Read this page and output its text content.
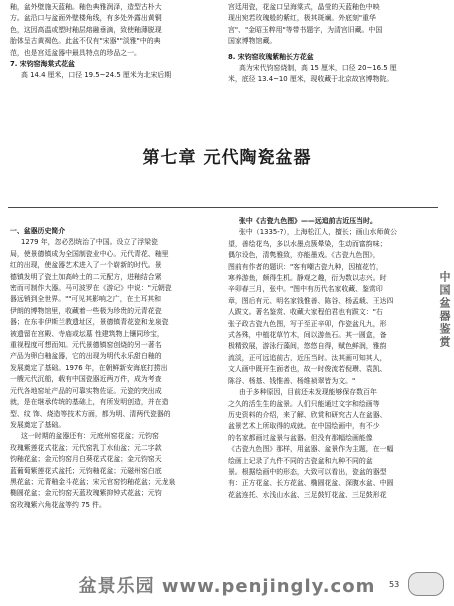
釉，盆外壁施天蓝釉。釉色典雅润泽，造型古朴大

方。盆沿口与盆面外壁楼角线，有多处外露出黄铜

色，这因高温或塑时釉层熔融垂滴，致使釉薄脱现

胎体呈古黄褐色。此盆不仅有"宋器""淡雅"中的典

范，也是宫廷盆器中最具特点的珍品之一。

7. 宋钧窑海棠式花盆

高 14.4 厘米，口径 19.5~24.5 厘米为北宋后期

宫廷用瓷，花盆口呈海棠式，晶莹的天蓝釉色中映

现出宛若玫瑰般的紫红，极其斑斓。外底刻"重华

宫"、"金昭玉粹用"等带书题字，为清宫旧藏。中国

国家博物馆藏。

8. 宋钧窑玫瑰紫釉长方花盆

高为宋代钧窑烧制，高 15 厘米，口径 20~16.5 厘

米，底径 13.4~10 厘米，现收藏于北京故宫博物院。

第七章 元代陶瓷盆器

一、盆器历史简介

1279 年，忽必烈统治了中国。设立了浮梁瓷

局，使景德镇成为全国制瓷业中心。元代青花、釉里

红的出现，使盆器艺术进入了一个崭新的时代。景

德镇发明了瓷土加高岭土的二元配方，进釉结合紧

密而可制作大器。马可波罗在《游记》中说："元朝瓷

器远销到全世界。""可见其影响之广，在土耳其和

伊朗的博物馆里，收藏着一些极为珍贵的元青花瓷

器；在东非伊斯兰教遗址区，景德镇青花瓷和龙泉瓷

被遗留在宫殿、寺庙或坛墓 性建筑物上镶同珍宝，

重视程度可想而知。元代景德镇窑创烧的另一著名

产品为卵白釉盆器，它的出现为明代永乐甜白釉的

发展奠定了基础。1976 年，在朝鲜新安海底打捞出

一艘元代沉船，载有中国瓷器近两万件，成为考查

元代各地窑址产品的可靠实物佐证。元瓷的突出成

就，是在继承传统的基础上，有所发明创造，并在造

型、纹 饰、烧造等技术方面，都为明、清两代瓷器的

发展奠定了基础。

这一时期的盆器还有：元庭州窑花盆；元钧窑

玫瑰紫莲花式花盆；元代窑乳丁水仙盆；元二字款

钧釉花盆；金元钧窑月白葵花式花盆；金元钧窑天

蓝葡萄紫莲花式盆托；元钧釉花盆；元磁州窑白底

黑花盆；元青釉金斗花盆；宋元官窑钧釉花盆；元龙泉

椭圆花盆；金元钧窑天蓝玫瑰紫抑钟式花盆；元钧

窑玫瑰紫六角花盆等约 75 件。

张中《古瓷九色图》——远追前古近压当时。

张中（1335-?），上海松江人，擅长；画山水师黄公

望，善绘花鸟，多以水墨点簇晕染，生动而富韵味；

偶尔设色，清隽雅致，亦能墨戏。《古瓷九色图》，

图前有作者的题识："客有嘲古瓷九种，因植花竹，

寒养游鱼，颇得生机。静观之趣，衍为数以志兴。时

辛卯春三月，张中。"图中有历代名家收藏、鉴赏印

章，图后有元、明名家钱惟善、陈谷、杨孟载、王达四

人跋文。著名鉴赏、收藏大家程伯君也有跋文："右

张子政古瓷九色图，写于至正辛卯，作瓷盆凡九，形

式各殊，中植花草竹木，间以游鱼石。其一圆盒，备

极精致展，游泳行藻间，悠悠自得，赋色鲜润，雅韵

流淡，正可远追前古，近压当时。汰其画可知其人，

文人画中既开生面者也，故一时俊流若倪瓒、袁凯、

陈谷、杨基、钱惟善、杨维祯翠皆为文。"

由于多种原因，目前还未发现能够保存数百年

之久的活生生的盆景。人们只能通过文字和绘画等

历史资料的介绍，来了解、欣赏和研究古人在盆器、

盆景艺术上所取得的成就。在中国绘画中，有不少

的名家都画过盆景与盆器。但没有那幅绘画能像

《古瓷九色图》那样，用盆器、盆景作为主题，在一幅

绘画上记录了九件不同的古瓷盆和九种不同的盆

景。根据绘画中的形态，大致可以看出，瓷盆的器型

有：正方花盆、长方花盆、椭圆花盆、深腹水盆、中圆

花盆连托、水浅山水盆、三足鼓钉花盆、三足鼓形花

中国盆器鉴赏
盆景乐园 www.penjingly.com	53
